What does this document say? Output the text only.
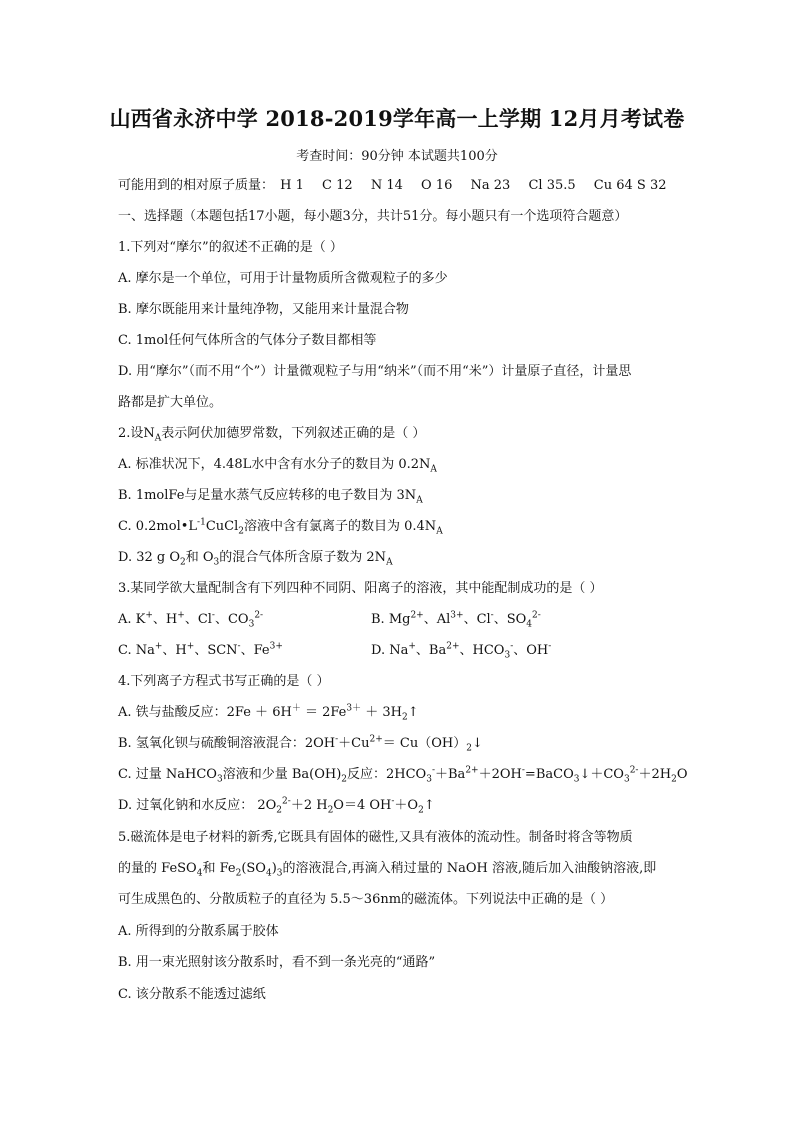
山西省永济中学 2018-2019学年高一上学期 12月月考试卷
考查时间：90分钟 本试题共100分
可能用到的相对原子质量： H 1 C 12 N 14 O 16 Na 23 Cl 35.5 Cu 64 S 32
一、选择题（本题包括17小题，每小题3分，共计51分。每小题只有一个选项符合题意）
1.下列对“摩尔”的叙述不正确的是（ ）
A. 摩尔是一个单位，可用于计量物质所含微观粒子的多少
B. 摩尔既能用来计量纯净物，又能用来计量混合物
C. 1mol任何气体所含的气体分子数目都相等
D. 用“摩尔”（而不用“个”）计量微观粒子与用“纳米”（而不用“米”）计量原子直径，计量思
路都是扩大单位。
2.设$N_A$表示阿伏加德罗常数，下列叙述正确的是（ ）
A. 标准状况下，4.48L水中含有水分子的数目为 $0.2N_A$
B. 1molFe与足量水蒸气反应转移的电子数目为 $3N_A$
C. $0.2mol•L^{-1}CuCl_2$溶液中含有氯离子的数目为 $0.4N_A$
D. 32 g $O_2$和 $O_3$的混合气体所含原子数为 $2N_A$
3.某同学欲大量配制含有下列四种不同阴、阳离子的溶液，其中能配制成功的是（ ）
A. K+、H+、Cl-、$CO_3^{2-}$	B. $Mg^{2+}$、$Al^{3+}$、Cl-、$SO_4^{2-}$
C. Na+、H+、SCN-、$Fe^{3+}$	D. Na+、$Ba^{2+}$、$HCO_3^-$、OH-
4.下列离子方程式书写正确的是（ ）
A. 铁与盐酸反应：$2Fe + 6H^+ = 2Fe^{3+}$ ＋ $3H_2↑$
B. 氢氧化钡与硫酸铜溶液混合：$2OH^-+Cu^{2+}=$ $Cu(OH)_2↓$
C. 过量 NaHCO$_3$溶液和少量 $Ba(OH)_2$反应：$2HCO_3^-+Ba^{2+}+2OH^-=BaCO_3↓+CO_3^{2-}+2H_2O$
D. 过氧化钠和水反应： $2O_2^{2-}+2$ $H_2O=4$ $OH^-+O_2↑$
5.磁流体是电子材料的新秀,它既具有固体的磁性,又具有液体的流动性。制备时将含等物质
的量的 FeSO$_4$和 $Fe_2(SO_4)_3$的溶液混合,再滴入稍过量的 NaOH 溶液,随后加入油酸钠溶液,即
可生成黑色的、分散质粒子的直径为 5.5～36nm的磁流体。下列说法中正确的是（ ）
A. 所得到的分散系属于胶体
B. 用一束光照射该分散系时，看不到一条光亮的“通路”
C. 该分散系不能透过滤纸
